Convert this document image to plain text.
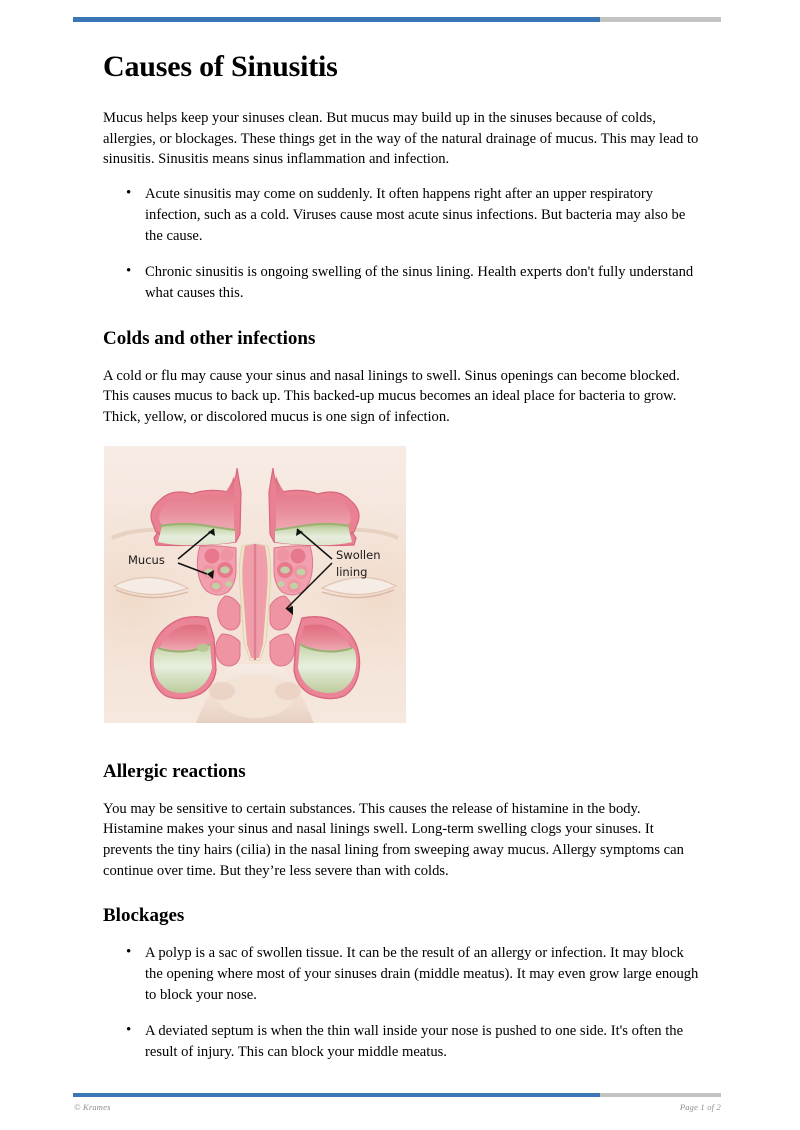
Causes of Sinusitis

Mucus helps keep your sinuses clean. But mucus may build up in the sinuses because of colds, allergies, or blockages. These things get in the way of the natural drainage of mucus. This may lead to sinusitis. Sinusitis means sinus inflammation and infection.

• Acute sinusitis may come on suddenly. It often happens right after an upper respiratory infection, such as a cold. Viruses cause most acute sinus infections. But bacteria may also be the cause.
• Chronic sinusitis is ongoing swelling of the sinus lining. Health experts don't fully understand what causes this.
Colds and other infections

A cold or flu may cause your sinus and nasal linings to swell. Sinus openings can become blocked. This causes mucus to back up. This backed-up mucus becomes an ideal place for bacteria to grow. Thick, yellow, or discolored mucus is one sign of infection.

Mucus	Swollen
lining
Allergic reactions

You may be sensitive to certain substances. This causes the release of histamine in the body. Histamine makes your sinus and nasal linings swell. Long-term swelling clogs your sinuses. It prevents the tiny hairs (cilia) in the nasal lining from sweeping away mucus. Allergy symptoms can continue over time. But they’re less severe than with colds.

Blockages
• A polyp is a sac of swollen tissue. It can be the result of an allergy or infection. It may block the opening where most of your sinuses drain (middle meatus). It may even grow large enough to block your nose.
• A deviated septum is when the thin wall inside your nose is pushed to one side. It's often the result of injury. This can block your middle meatus.
© Krames	Page 1 of 2
